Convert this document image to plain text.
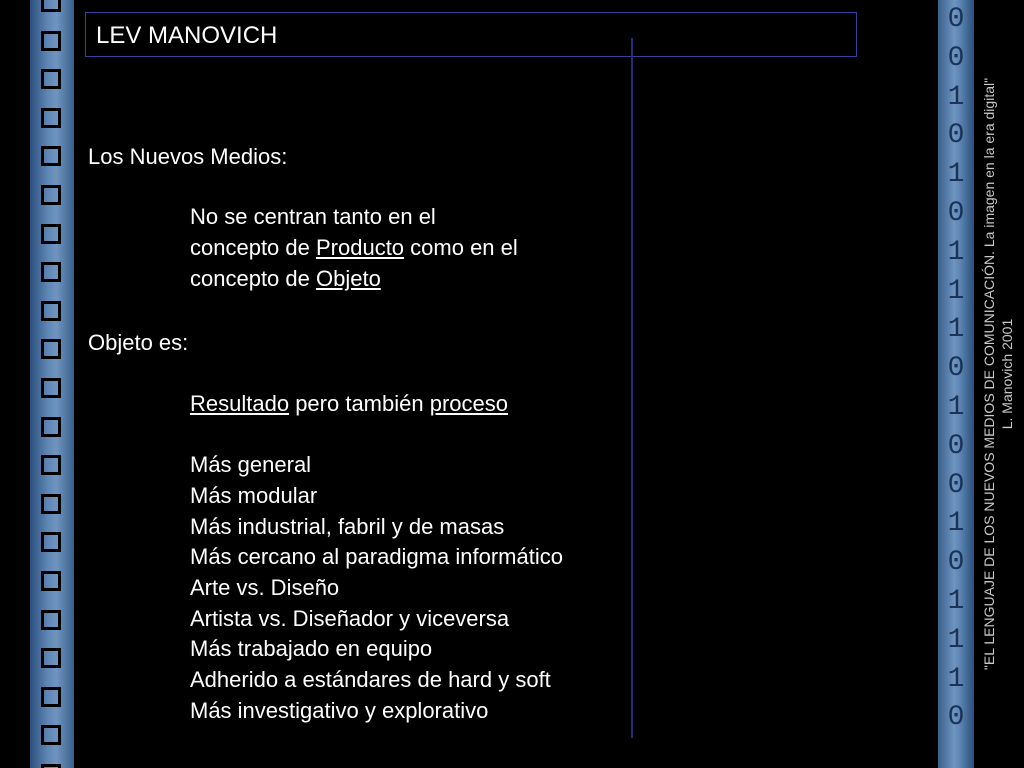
0
0
1
0
1
0
1
1
1
0
1
0
0
1
0
1
1
1
0
LEV MANOVICH
Los Nuevos Medios:
No se centran tanto en el
concepto de Producto como en el
concepto de Objeto
Objeto es:
Resultado pero también proceso
Más general
Más modular
Más industrial, fabril y de masas
Más cercano al paradigma informático
Arte vs. Diseño
Artista vs. Diseñador y viceversa
Más trabajado en equipo
Adherido a estándares de hard y soft
Más investigativo y explorativo
"EL LENGUAJE DE LOS NUEVOS MEDIOS DE COMUNICACIÓN. La imagen en la era digital" L. Manovich 2001
